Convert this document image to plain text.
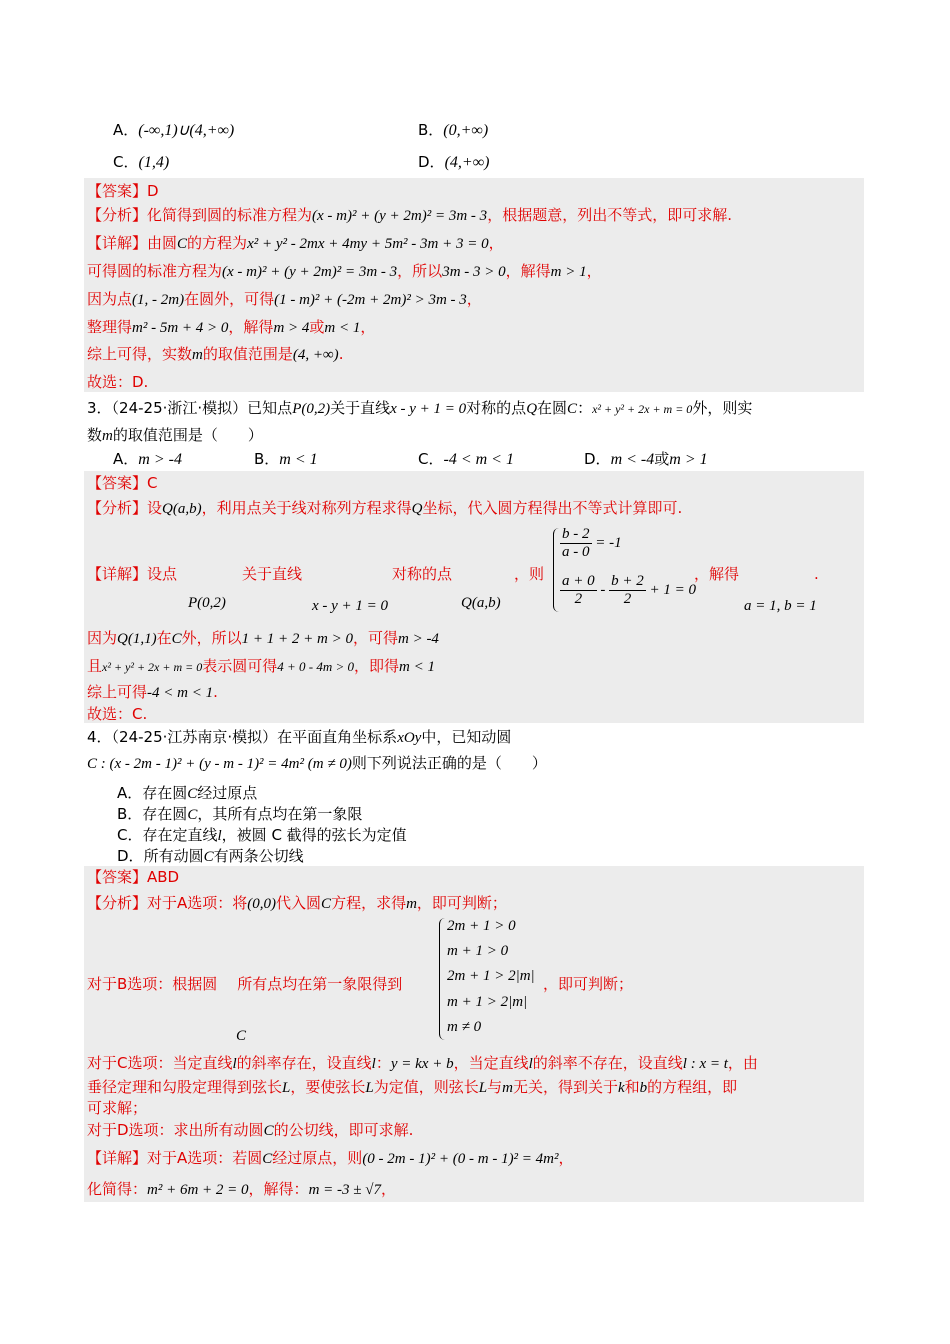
A．(-∞,1)∪(4,+∞)	B．(0,+∞)
C．(1,4)	D．(4,+∞)
【答案】D
【分析】化简得到圆的标准方程为(x - m)² + (y + 2m)² = 3m - 3，根据题意，列出不等式，即可求解.
【详解】由圆C的方程为x² + y² - 2mx + 4my + 5m² - 3m + 3 = 0，
可得圆的标准方程为(x - m)² + (y + 2m)² = 3m - 3，所以3m - 3 > 0，解得m > 1，
因为点(1, - 2m)在圆外，可得(1 - m)² + (-2m + 2m)² > 3m - 3，
整理得m² - 5m + 4 > 0，解得m > 4或m < 1，
综上可得，实数m的取值范围是(4, +∞).
故选：D.
3．（24-25·浙江·模拟）已知点P(0,2)关于直线x - y + 1 = 0对称的点Q在圆C：x² + y² + 2x + m = 0外，则实
数m的取值范围是（　　）
A．m > -4	B．m < 1	C．-4 < m < 1	D．m < -4或m > 1
【答案】C
【分析】设Q(a,b)，利用点关于线对称列方程求得Q坐标，代入圆方程得出不等式计算即可.
【详解】设点
P(0,2)
关于直线
x - y + 1 = 0
对称的点
Q(a,b)
，则
$\frac{b - 2}{a - 0} = -1$
$\frac{a + 0}{2} - \frac{b + 2}{2} + 1 = 0$
，解得
a = 1, b = 1
.
因为Q(1,1)在C外，所以1 + 1 + 2 + m > 0，可得m > -4
且x² + y² + 2x + m = 0表示圆可得4 + 0 - 4m > 0，即得m < 1
综上可得-4 < m < 1.
故选：C.
4．（24-25·江苏南京·模拟）在平面直角坐标系xOy中，已知动圆
C : (x - 2m - 1)² + (y - m - 1)² = 4m² (m ≠ 0)则下列说法正确的是（　　）
A．存在圆C经过原点
B．存在圆C，其所有点均在第一象限
C．存在定直线l，被圆 C 截得的弦长为定值
D．所有动圆C有两条公切线
【答案】ABD
【分析】对于A选项：将(0,0)代入圆C方程，求得m，即可判断；
对于B选项：根据圆 所有点均在第一象限得到
C
2m + 1 > 0
m + 1 > 0
2m + 1 > 2|m|
m + 1 > 2|m|
m ≠ 0
，即可判断；
对于C选项：当定直线l的斜率存在，设直线l：y = kx + b，当定直线l的斜率不存在，设直线l : x = t，由
垂径定理和勾股定理得到弦长L，要使弦长L为定值，则弦长L与m无关，得到关于k和b的方程组，即
可求解；
对于D选项：求出所有动圆C的公切线，即可求解.
【详解】对于A选项：若圆C经过原点，则(0 - 2m - 1)² + (0 - m - 1)² = 4m²，
化简得：m² + 6m + 2 = 0，解得：m = -3 ± √7，
